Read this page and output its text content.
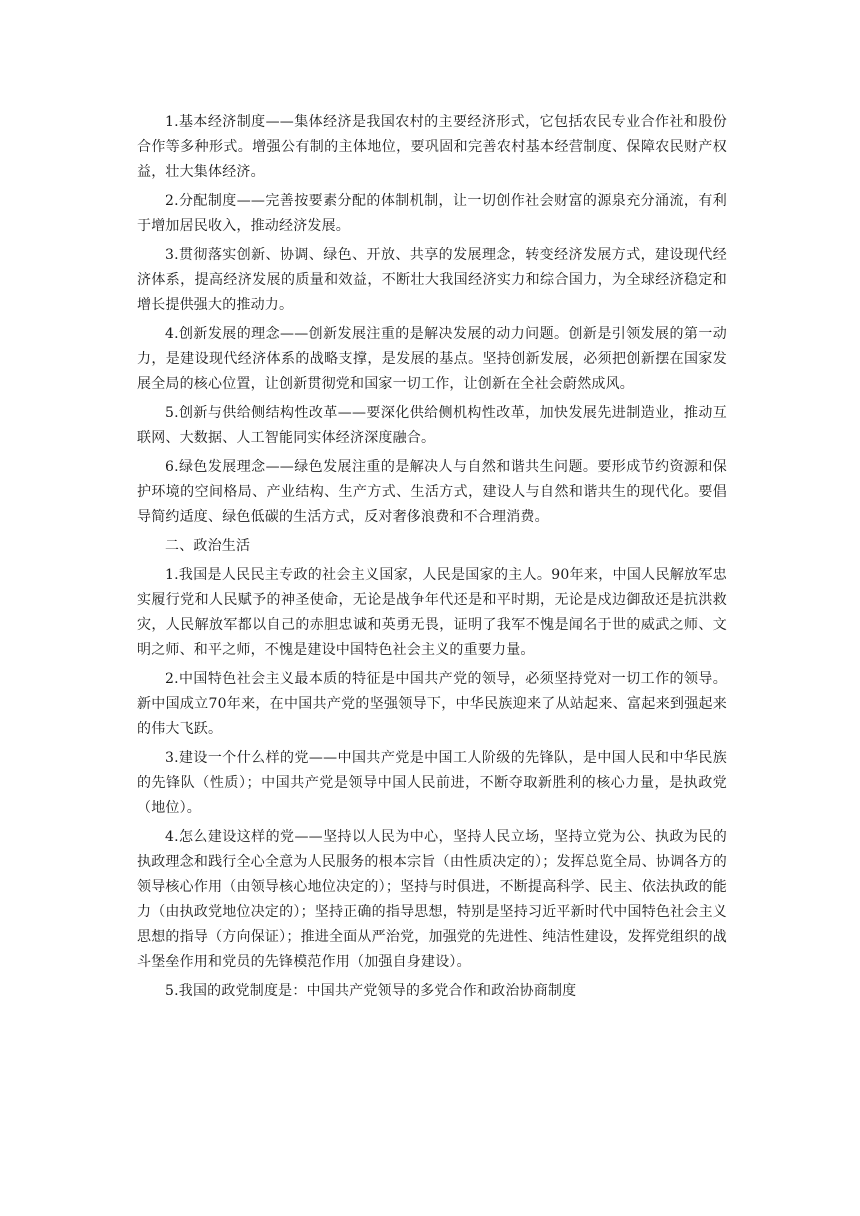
1.基本经济制度——集体经济是我国农村的主要经济形式，它包括农民专业合作社和股份合作等多种形式。增强公有制的主体地位，要巩固和完善农村基本经营制度、保障农民财产权益，壮大集体经济。

2.分配制度——完善按要素分配的体制机制，让一切创作社会财富的源泉充分涌流，有利于增加居民收入，推动经济发展。

3.贯彻落实创新、协调、绿色、开放、共享的发展理念，转变经济发展方式，建设现代经济体系，提高经济发展的质量和效益，不断壮大我国经济实力和综合国力，为全球经济稳定和增长提供强大的推动力。

4.创新发展的理念——创新发展注重的是解决发展的动力问题。创新是引领发展的第一动力，是建设现代经济体系的战略支撑，是发展的基点。坚持创新发展，必须把创新摆在国家发展全局的核心位置，让创新贯彻党和国家一切工作，让创新在全社会蔚然成风。

5.创新与供给侧结构性改革——要深化供给侧机构性改革，加快发展先进制造业，推动互联网、大数据、人工智能同实体经济深度融合。

6.绿色发展理念——绿色发展注重的是解决人与自然和谐共生问题。要形成节约资源和保护环境的空间格局、产业结构、生产方式、生活方式，建设人与自然和谐共生的现代化。要倡导简约适度、绿色低碳的生活方式，反对奢侈浪费和不合理消费。

二、政治生活

1.我国是人民民主专政的社会主义国家，人民是国家的主人。90年来，中国人民解放军忠实履行党和人民赋予的神圣使命，无论是战争年代还是和平时期，无论是戍边御敌还是抗洪救灾，人民解放军都以自己的赤胆忠诚和英勇无畏，证明了我军不愧是闻名于世的威武之师、文明之师、和平之师，不愧是建设中国特色社会主义的重要力量。

2.中国特色社会主义最本质的特征是中国共产党的领导，必须坚持党对一切工作的领导。新中国成立70年来，在中国共产党的坚强领导下，中华民族迎来了从站起来、富起来到强起来的伟大飞跃。

3.建设一个什么样的党——中国共产党是中国工人阶级的先锋队，是中国人民和中华民族的先锋队（性质）；中国共产党是领导中国人民前进，不断夺取新胜利的核心力量，是执政党（地位）。

4.怎么建设这样的党——坚持以人民为中心，坚持人民立场，坚持立党为公、执政为民的执政理念和践行全心全意为人民服务的根本宗旨（由性质决定的）；发挥总览全局、协调各方的领导核心作用（由领导核心地位决定的）；坚持与时俱进，不断提高科学、民主、依法执政的能力（由执政党地位决定的）；坚持正确的指导思想，特别是坚持习近平新时代中国特色社会主义思想的指导（方向保证）；推进全面从严治党，加强党的先进性、纯洁性建设，发挥党组织的战斗堡垒作用和党员的先锋模范作用（加强自身建设）。

5.我国的政党制度是：中国共产党领导的多党合作和政治协商制度
